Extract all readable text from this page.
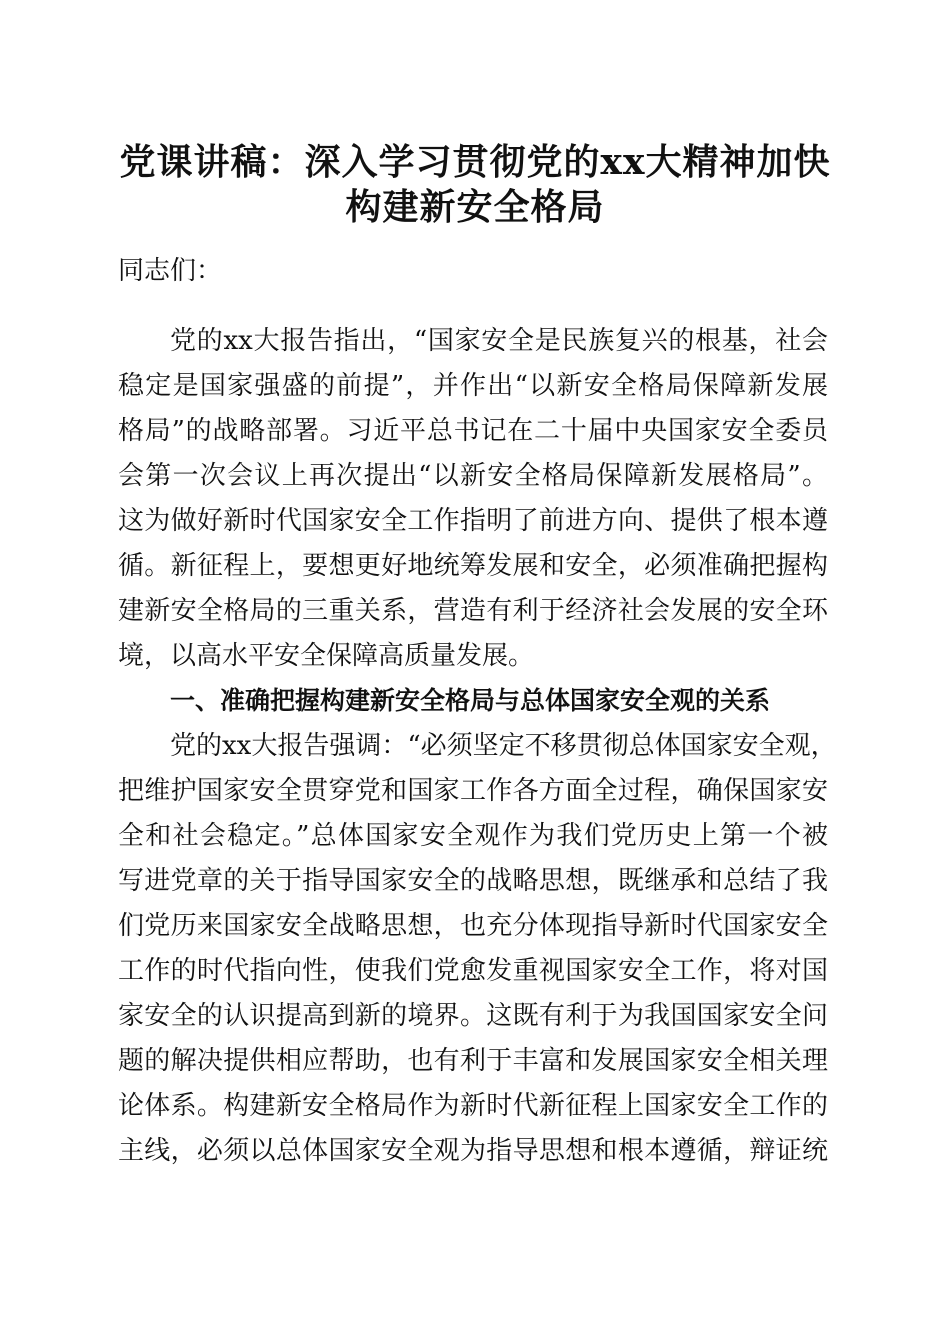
党课讲稿：深入学习贯彻党的xx大精神加快
构建新安全格局
同志们：
党的xx大报告指出，“国家安全是民族复兴的根基，社会
稳定是国家强盛的前提”，并作出“以新安全格局保障新发展
格局”的战略部署。习近平总书记在二十届中央国家安全委员
会第一次会议上再次提出“以新安全格局保障新发展格局”。
这为做好新时代国家安全工作指明了前进方向、提供了根本遵
循。新征程上，要想更好地统筹发展和安全，必须准确把握构
建新安全格局的三重关系，营造有利于经济社会发展的安全环
境，以高水平安全保障高质量发展。
一、准确把握构建新安全格局与总体国家安全观的关系
党的xx大报告强调：“必须坚定不移贯彻总体国家安全观，
把维护国家安全贯穿党和国家工作各方面全过程，确保国家安
全和社会稳定。”总体国家安全观作为我们党历史上第一个被
写进党章的关于指导国家安全的战略思想，既继承和总结了我
们党历来国家安全战略思想，也充分体现指导新时代国家安全
工作的时代指向性，使我们党愈发重视国家安全工作，将对国
家安全的认识提高到新的境界。这既有利于为我国国家安全问
题的解决提供相应帮助，也有利于丰富和发展国家安全相关理
论体系。构建新安全格局作为新时代新征程上国家安全工作的
主线，必须以总体国家安全观为指导思想和根本遵循，辩证统
